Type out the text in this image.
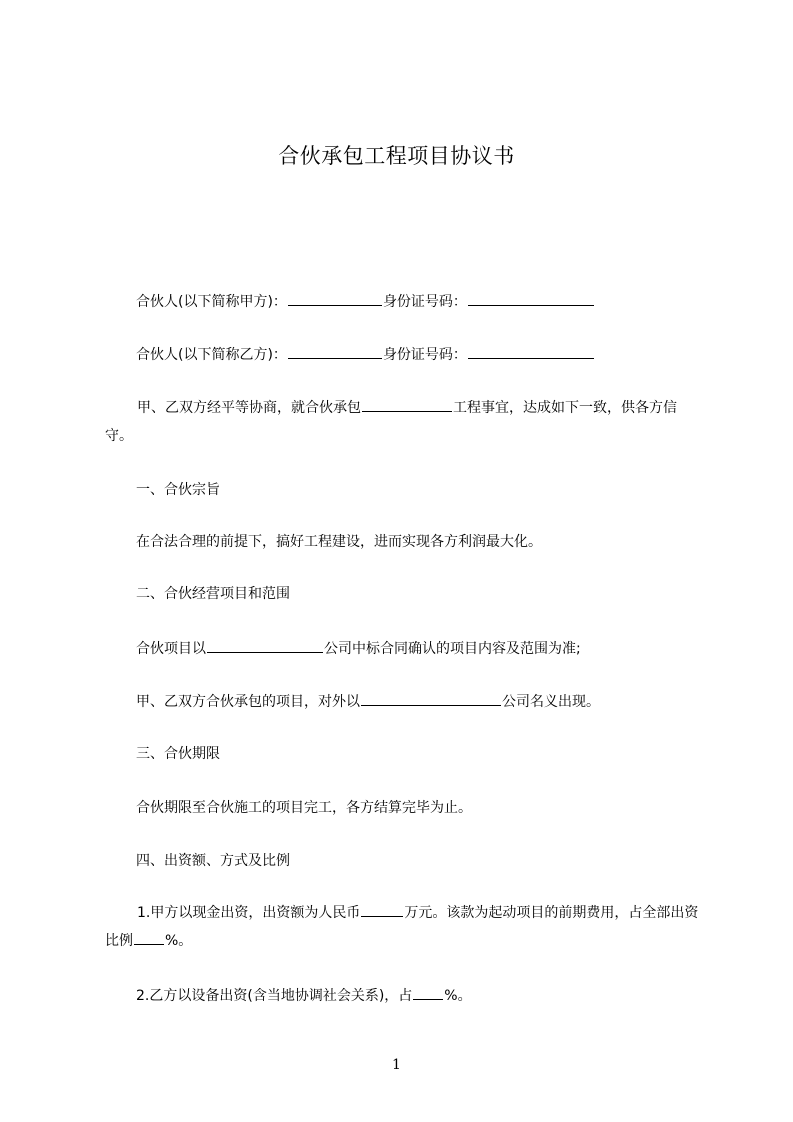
合伙承包工程项目协议书
合伙人(以下简称甲方)：	身份证号码：
合伙人(以下简称乙方)：	身份证号码：
甲、乙双方经平等协商，就合伙承包	工程事宜，达成如下一致，供各方信守。
一、合伙宗旨
在合法合理的前提下，搞好工程建设，进而实现各方利润最大化。
二、合伙经营项目和范围
合伙项目以	公司中标合同确认的项目内容及范围为准;
甲、乙双方合伙承包的项目，对外以	公司名义出现。
三、合伙期限
合伙期限至合伙施工的项目完工，各方结算完毕为止。
四、出资额、方式及比例
1.甲方以现金出资，出资额为人民币	万元。该款为起动项目的前期费用，占全部出资比例 %。
2.乙方以设备出资(含当地协调社会关系)，占 %。
1
